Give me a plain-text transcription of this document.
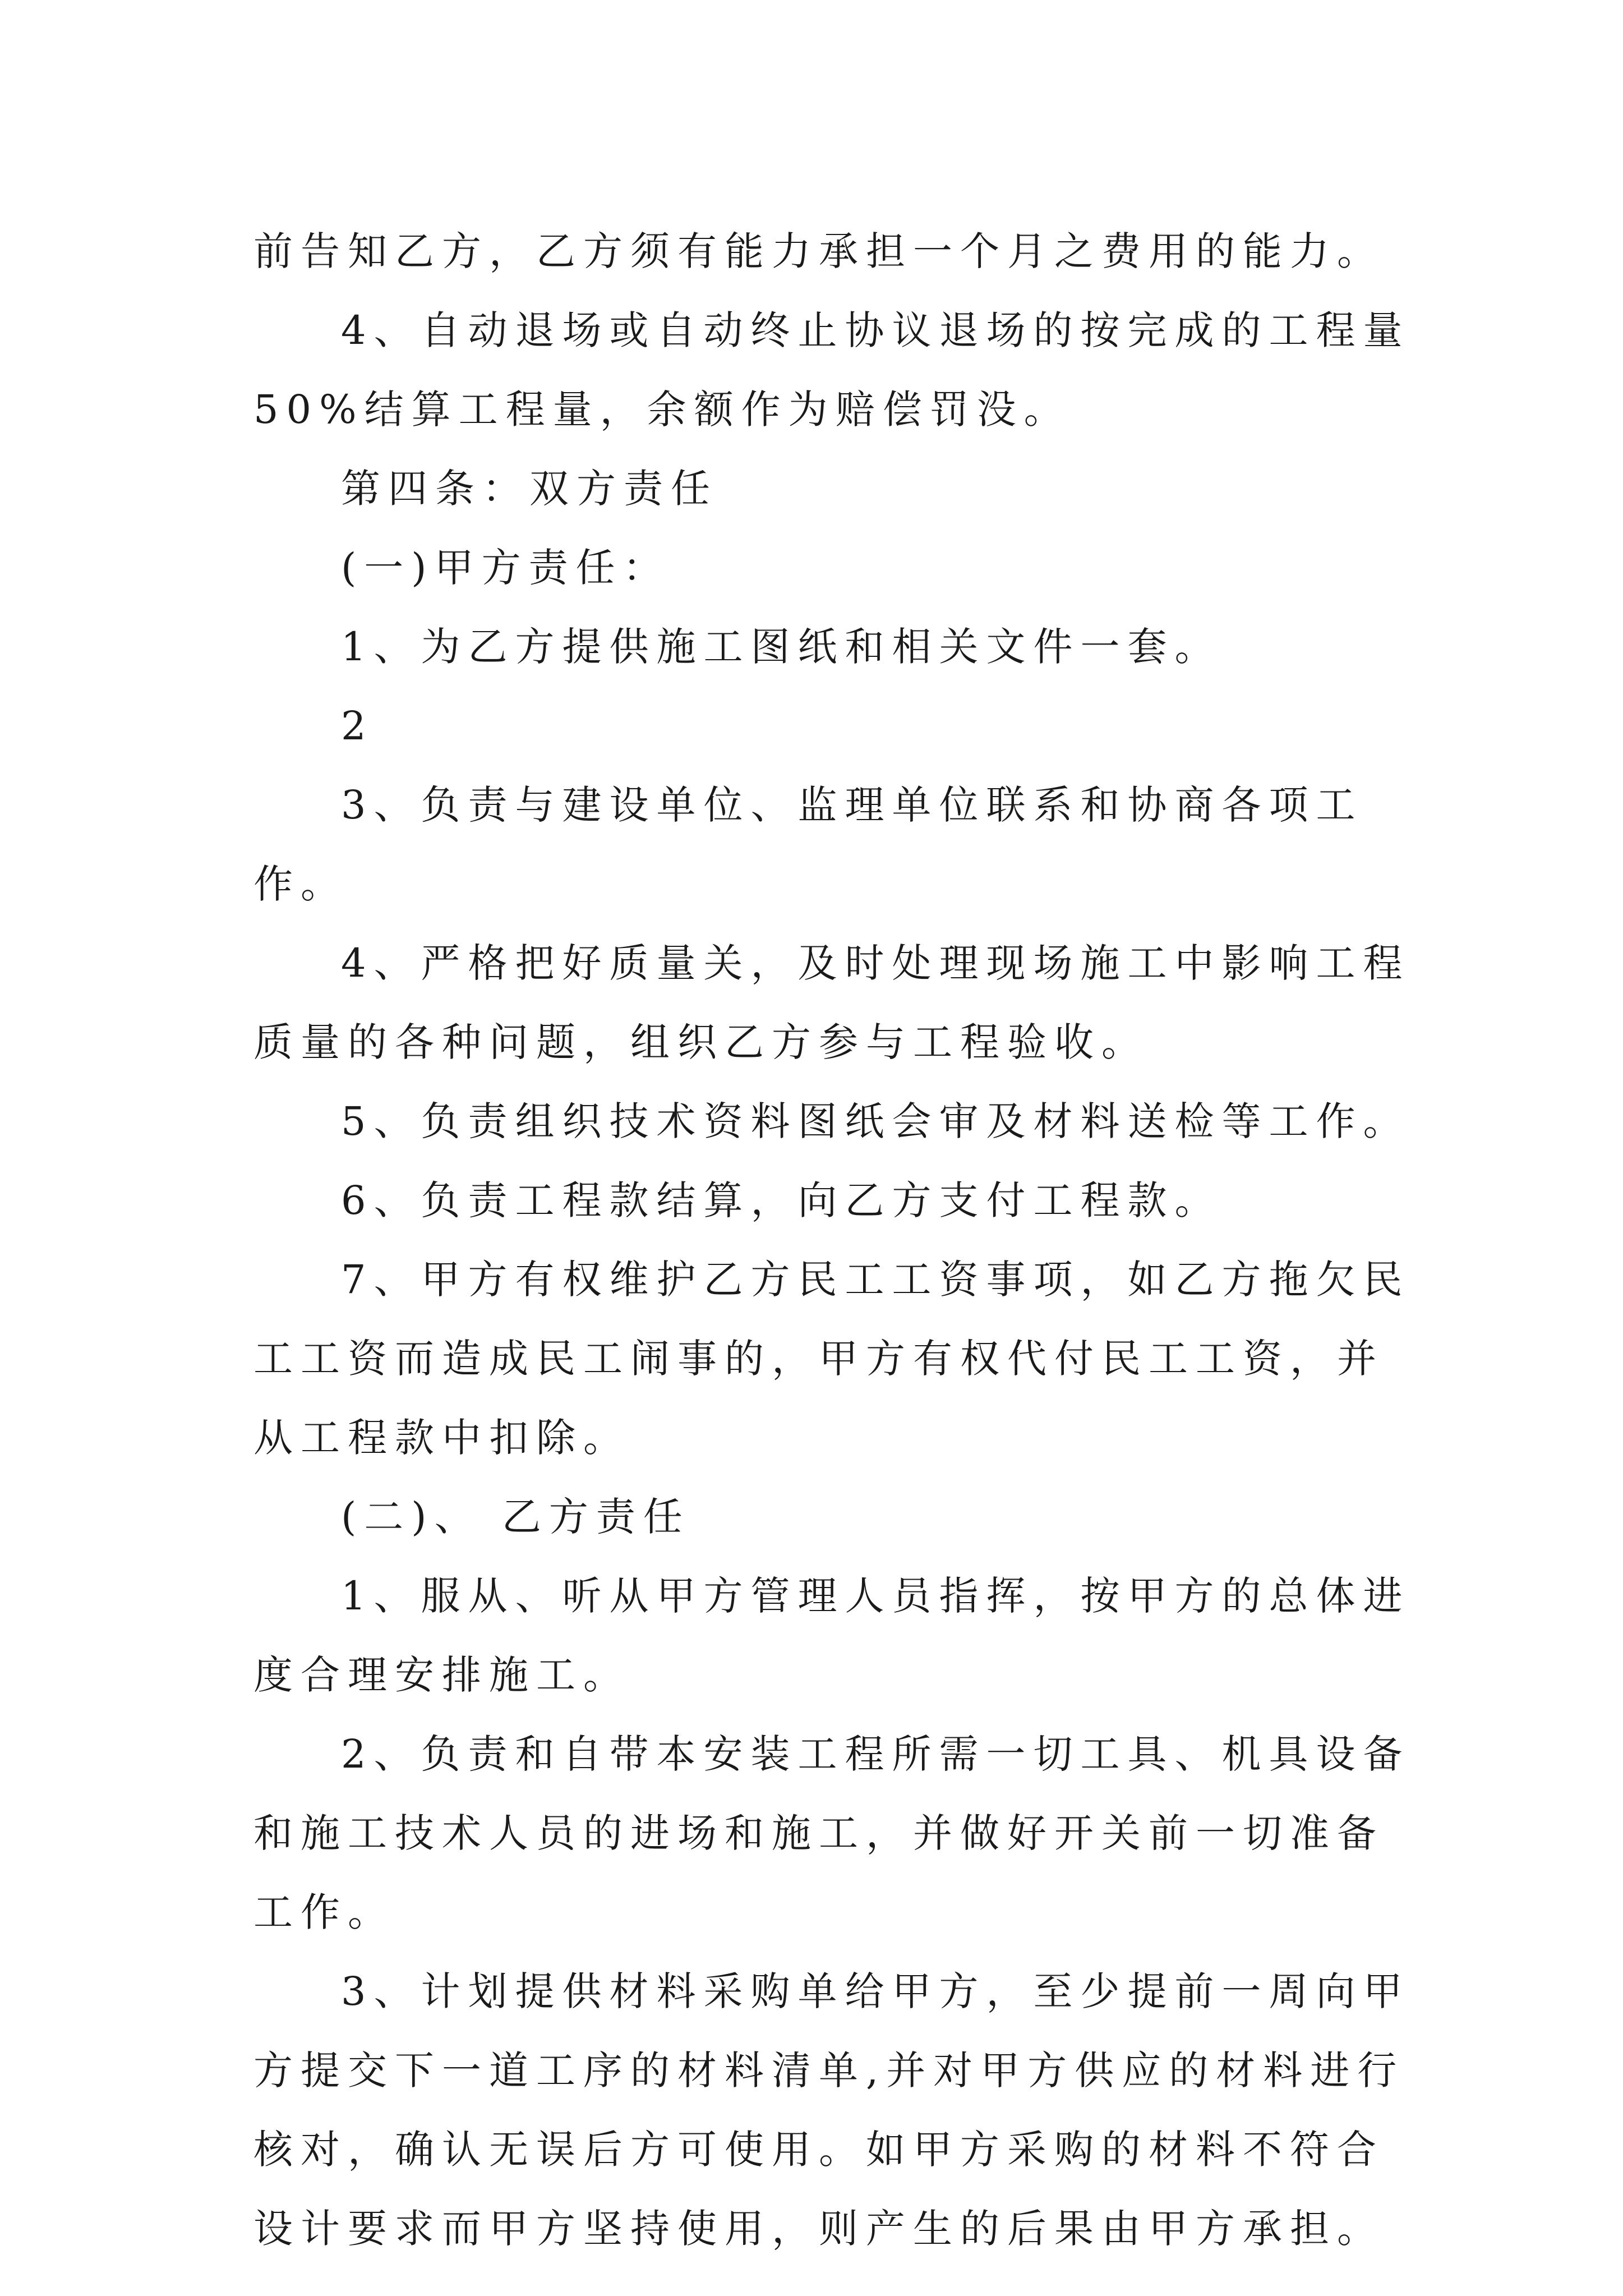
前告知乙方，乙方须有能力承担一个月之费用的能力。

4、自动退场或自动终止协议退场的按完成的工程量50%结算工程量，余额作为赔偿罚没。

第四条：双方责任

(一)甲方责任：

1、为乙方提供施工图纸和相关文件一套。

2

3、负责与建设单位、监理单位联系和协商各项工作。

4、严格把好质量关，及时处理现场施工中影响工程质量的各种问题，组织乙方参与工程验收。

5、负责组织技术资料图纸会审及材料送检等工作。

6、负责工程款结算，向乙方支付工程款。

7、甲方有权维护乙方民工工资事项，如乙方拖欠民工工资而造成民工闹事的，甲方有权代付民工工资，并从工程款中扣除。

(二)、 乙方责任

1、服从、听从甲方管理人员指挥，按甲方的总体进度合理安排施工。

2、负责和自带本安装工程所需一切工具、机具设备和施工技术人员的进场和施工，并做好开关前一切准备工作。

3、计划提供材料采购单给甲方，至少提前一周向甲方提交下一道工序的材料清单,并对甲方供应的材料进行核对，确认无误后方可使用。如甲方采购的材料不符合设计要求而甲方坚持使用，则产生的后果由甲方承担。
